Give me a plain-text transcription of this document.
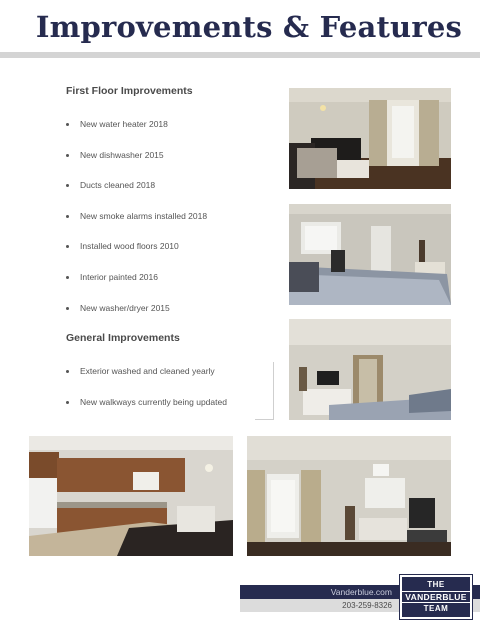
Improvements & Features
First Floor Improvements
New water heater 2018
New dishwasher 2015
Ducts cleaned 2018
New smoke alarms installed 2018
Installed wood floors 2010
Interior painted 2016
New washer/dryer 2015
General Improvements
Exterior washed and cleaned yearly
New walkways currently being updated
Vanderblue.com
203-259-8326
THE
VANDERBLUE
TEAM
